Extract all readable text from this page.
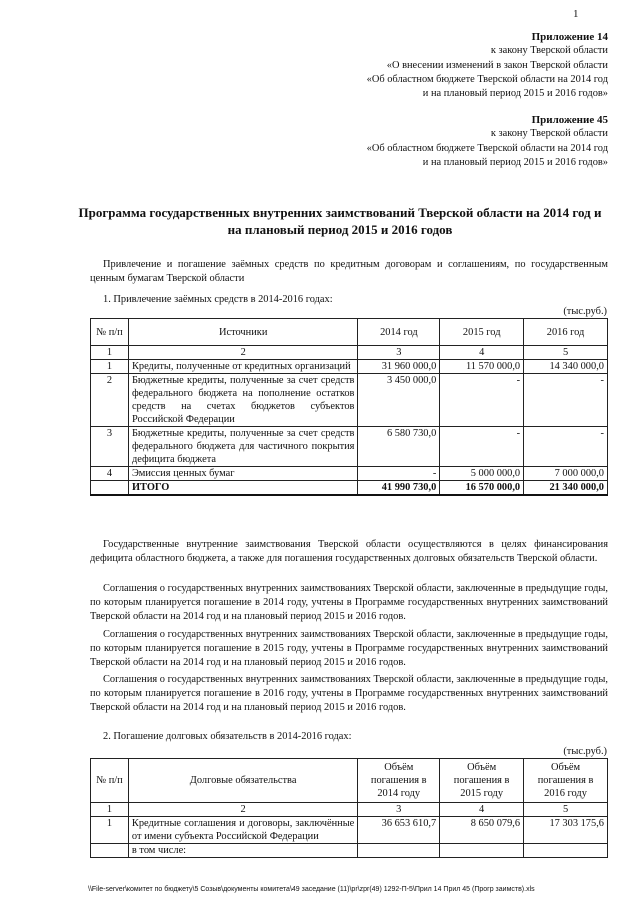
1
Приложение 14
к закону Тверской области
«О внесении изменений в закон Тверской области
«Об областном бюджете Тверской области на 2014 год
и на плановый период 2015 и 2016 годов»
Приложение 45
к закону Тверской области
«Об областном бюджете Тверской области на 2014 год
и на плановый период 2015 и 2016 годов»
Программа государственных внутренних заимствований Тверской области на 2014 год и
на плановый период 2015 и 2016 годов
Привлечение и погашение заёмных средств по кредитным договорам и соглашениям, по государственным ценным бумагам Тверской области
1. Привлечение заёмных средств в 2014-2016 годах:
(тыс.руб.)
№ п/п	Источники	2014 год	2015 год	2016 год
1	2	3	4	5
1	Кредиты, полученные от кредитных организаций	31 960 000,0	11 570 000,0	14 340 000,0
2	Бюджетные кредиты, полученные за счет средств федерального бюджета на пополнение остатков средств на счетах бюджетов субъектов Российской Федерации	3 450 000,0	-	-
3	Бюджетные кредиты, полученные за счет средств федерального бюджета для частичного покрытия дефицита бюджета	6 580 730,0	-	-
4	Эмиссия ценных бумаг	-	5 000 000,0	7 000 000,0
	ИТОГО	41 990 730,0	16 570 000,0	21 340 000,0
Государственные внутренние заимствования Тверской области осуществляются в целях финансирования дефицита областного бюджета, а также для погашения государственных долговых обязательств Тверской области.
Соглашения о государственных внутренних заимствованиях Тверской области, заключенные в предыдущие годы, по которым планируется погашение в 2014 году, учтены в Программе государственных внутренних заимствований Тверской области на 2014 год и на плановый период 2015 и 2016 годов.
Соглашения о государственных внутренних заимствованиях Тверской области, заключенные в предыдущие годы, по которым планируется погашение в 2015 году, учтены в Программе государственных внутренних заимствований Тверской области на 2014 год и на плановый период 2015 и 2016 годов.
Соглашения о государственных внутренних заимствованиях Тверской области, заключенные в предыдущие годы, по которым планируется погашение в 2016 году, учтены в Программе государственных внутренних заимствований Тверской области на 2014 год и на плановый период 2015 и 2016 годов.
2. Погашение долговых обязательств в 2014-2016 годах:
(тыс.руб.)
№ п/п	Долговые обязательства	Объём погашения в 2014 году	Объём погашения в 2015 году	Объём погашения в 2016 году
1	2	3	4	5
1	Кредитные соглашения и договоры, заключённые от имени субъекта Российской Федерации	36 653 610,7	8 650 079,6	17 303 175,6
	в том числе:			
\\File-server\комитет по бюджету\5 Созыв\документы комитета\49 заседание (11)\pr\zpr(49) 1292-П-5\Прил 14 Прил 45 (Прогр заимств).xls
